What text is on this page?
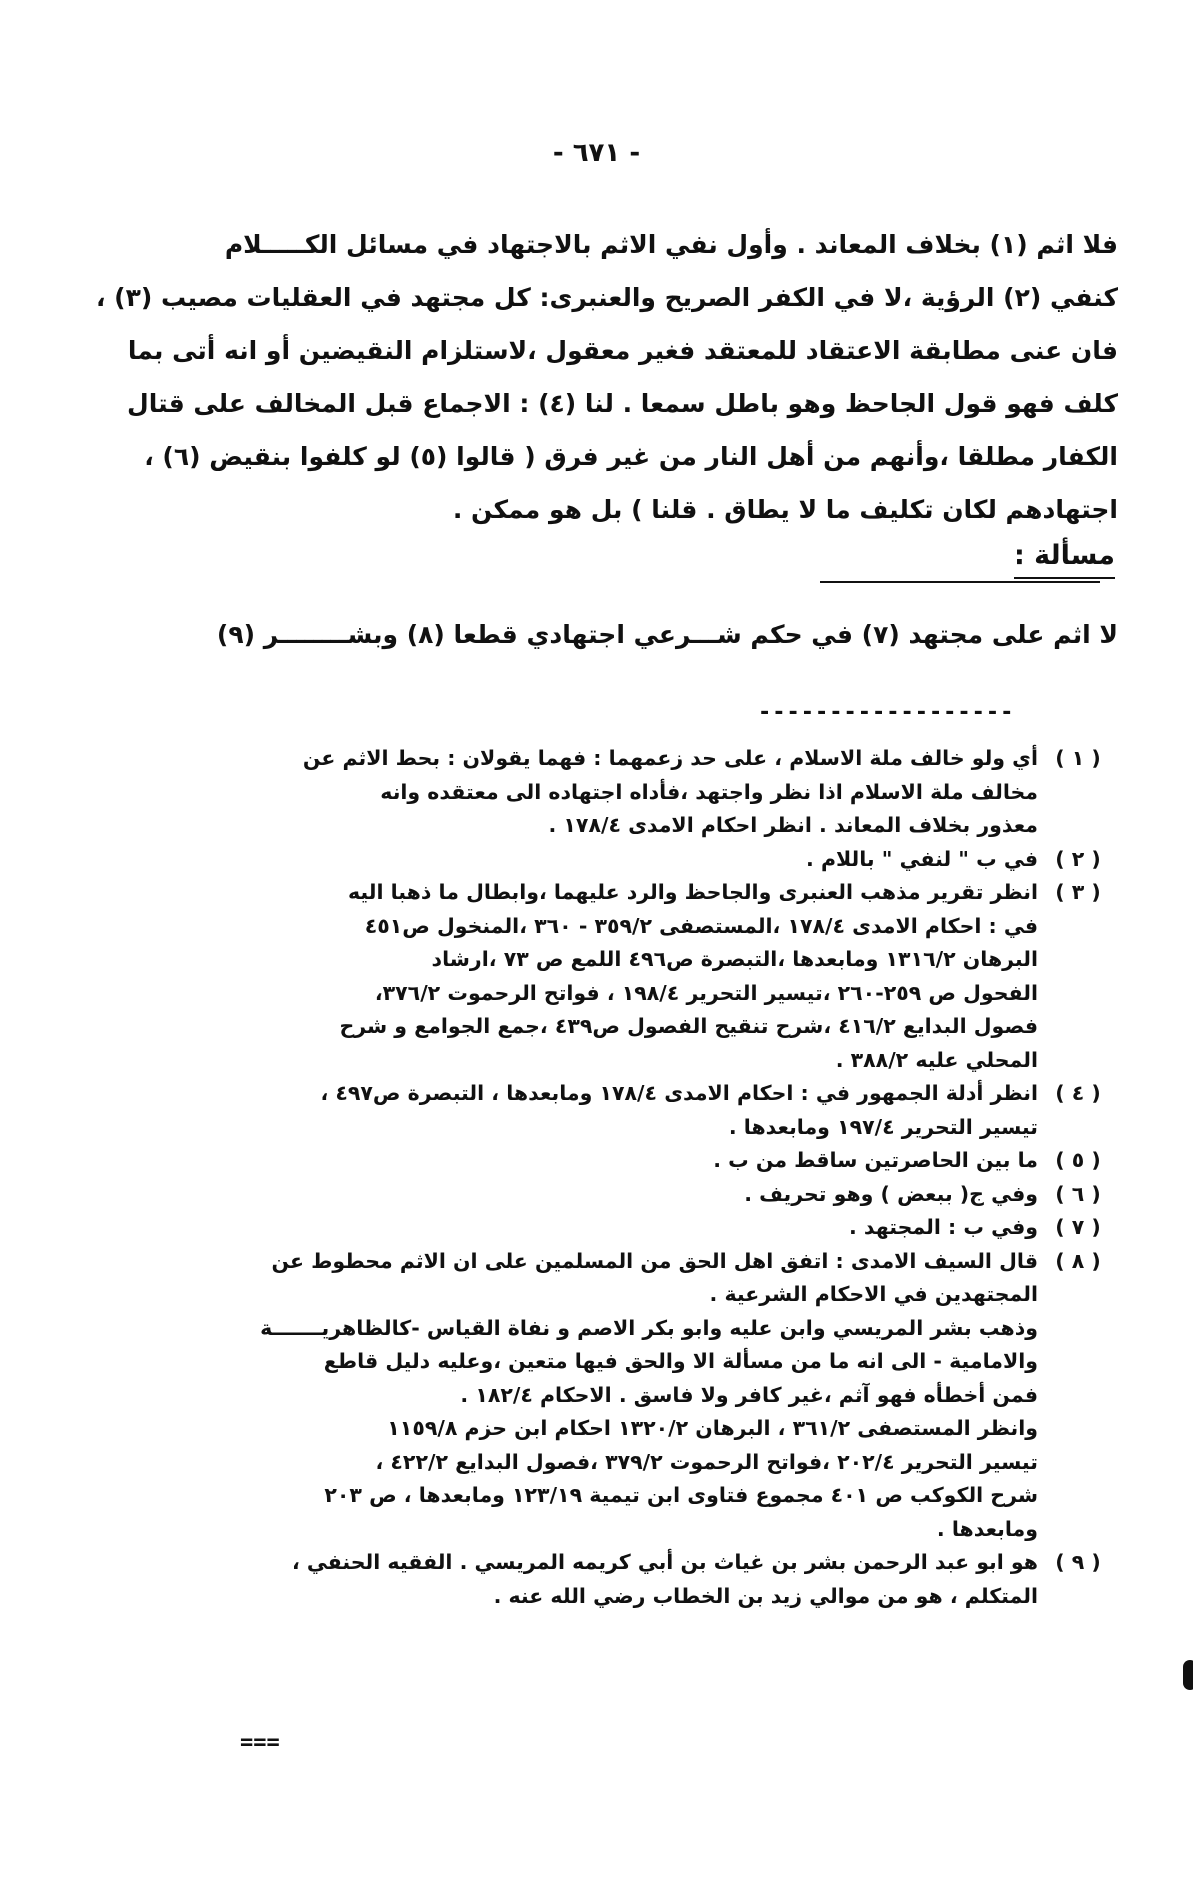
- ٦٧١ -
فلا اثم (١) بخلاف المعاند . وأول نفي الاثم بالاجتهاد في مسائل الكـــــلام
كنفي (٢) الرؤية ،لا في الكفر الصريح والعنبرى: كل مجتهد في العقليات مصيب (٣) ،
فان عنى مطابقة الاعتقاد للمعتقد فغير معقول ،لاستلزام النقيضين أو انه أتى بما
كلف فهو قول الجاحظ وهو باطل سمعا . لنا (٤) : الاجماع قبل المخالف على قتال
الكفار مطلقا ،وأنهم من أهل النار من غير فرق ( قالوا (٥) لو كلفوا بنقيض (٦) ،
اجتهادهم لكان تكليف ما لا يطاق . قلنا ) بل هو ممكن .
مسألة :
لا اثم على مجتهد (٧) في حكم شـــرعي اجتهادي قطعا (٨) وبشــــــــر (٩)
------------------
( ١ )
أي ولو خالف ملة الاسلام ، على حد زعمهما : فهما يقولان : بحط الاثم عن
مخالف ملة الاسلام اذا نظر واجتهد ،فأداه اجتهاده الى معتقده وانه
معذور بخلاف المعاند . انظر احكام الامدى ١٧٨/٤ .
( ٢ )
في ب " لنفي " باللام .
( ٣ )
انظر تقرير مذهب العنبرى والجاحظ والرد عليهما ،وابطال ما ذهبا اليه
في : احكام الامدى ١٧٨/٤ ،المستصفى ٣٥٩/٢ - ٣٦٠ ،المنخول ص٤٥١
البرهان ١٣١٦/٢ ومابعدها ،التبصرة ص٤٩٦ اللمع ص ٧٣ ،ارشاد
الفحول ص ٢٥٩-٢٦٠ ،تيسير التحرير ١٩٨/٤ ، فواتح الرحموت ٣٧٦/٢،
فصول البدايع ٤١٦/٢ ،شرح تنقيح الفصول ص٤٣٩ ،جمع الجوامع و شرح
المحلي عليه ٣٨٨/٢ .
( ٤ )
انظر أدلة الجمهور في : احكام الامدى ١٧٨/٤ ومابعدها ، التبصرة ص٤٩٧ ،
تيسير التحرير ١٩٧/٤ ومابعدها .
( ٥ )
ما بين الحاصرتين ساقط من ب .
( ٦ )
وفي ج( ببعض ) وهو تحريف .
( ٧ )
وفي ب : المجتهد .
( ٨ )
قال السيف الامدى : اتفق اهل الحق من المسلمين على ان الاثم محطوط عن
المجتهدين في الاحكام الشرعية .
وذهب بشر المريسي وابن عليه وابو بكر الاصم و نفاة القياس -كالظاهريـــــــة
والامامية - الى انه ما من مسألة الا والحق فيها متعين ،وعليه دليل قاطع
فمن أخطأه فهو آثم ،غير كافر ولا فاسق . الاحكام ١٨٢/٤ .
وانظر المستصفى ٣٦١/٢ ، البرهان ١٣٢٠/٢ احكام ابن حزم ١١٥٩/٨
تيسير التحرير ٢٠٢/٤ ،فواتح الرحموت ٣٧٩/٢ ،فصول البدايع ٤٢٢/٢ ،
شرح الكوكب ص ٤٠١ مجموع فتاوى ابن تيمية ١٢٣/١٩ ومابعدها ، ص ٢٠٣
ومابعدها .
( ٩ )
هو ابو عبد الرحمن بشر بن غياث بن أبي كريمه المريسي . الفقيه الحنفي ،
المتكلم ، هو من موالي زيد بن الخطاب رضي الله عنه .
===
